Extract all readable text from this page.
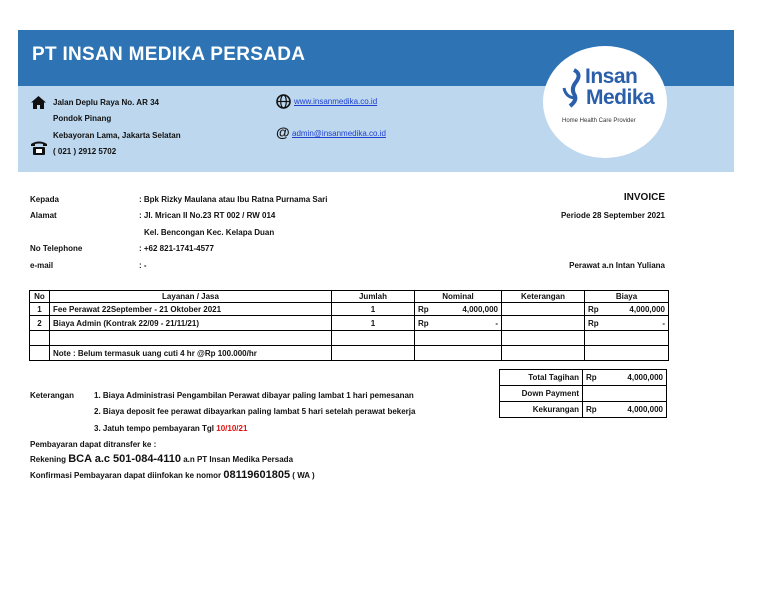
PT INSAN MEDIKA PERSADA
Jalan Deplu Raya No. AR 34
Pondok Pinang
Kebayoran Lama, Jakarta Selatan
( 021 ) 2912 5702
www.insanmedika.co.id
@ admin@insanmedika.co.id
Insan
Medika
Home Health Care Provider
Kepada	: Bpk Rizky Maulana atau Ibu Ratna Purnama Sari
Alamat	: Jl. Mrican II No.23 RT 002 / RW 014
Kel. Bencongan Kec. Kelapa Duan
No Telephone	: +62 821-1741-4577
e-mail	: -
INVOICE
Periode 28 September 2021
Perawat a.n Intan Yuliana
No	Layanan / Jasa	Jumlah	Nominal	Keterangan	Biaya
1	Fee Perawat 22September - 21 Oktober 2021	1	Rp 4,000,000		Rp 4,000,000

2	Biaya Admin (Kontrak 22/09 - 21/11/21)	1	Rp -		Rp -

	Note : Belum termasuk uang cuti 4 hr @Rp 100.000/hr				
Total Tagihan	Rp 4,000,000

Down Payment	
Kekurangan	Rp 4,000,000
Keterangan 1. Biaya Administrasi Pengambilan Perawat dibayar paling lambat 1 hari pemesanan
2. Biaya deposit fee perawat dibayarkan paling lambat 5 hari setelah perawat bekerja
3. Jatuh tempo pembayaran Tgl 10/10/21
Pembayaran dapat ditransfer ke :
Rekening BCA a.c 501-084-4110 a.n PT Insan Medika Persada
Konfirmasi Pembayaran dapat diinfokan ke nomor 08119601805 ( WA )
